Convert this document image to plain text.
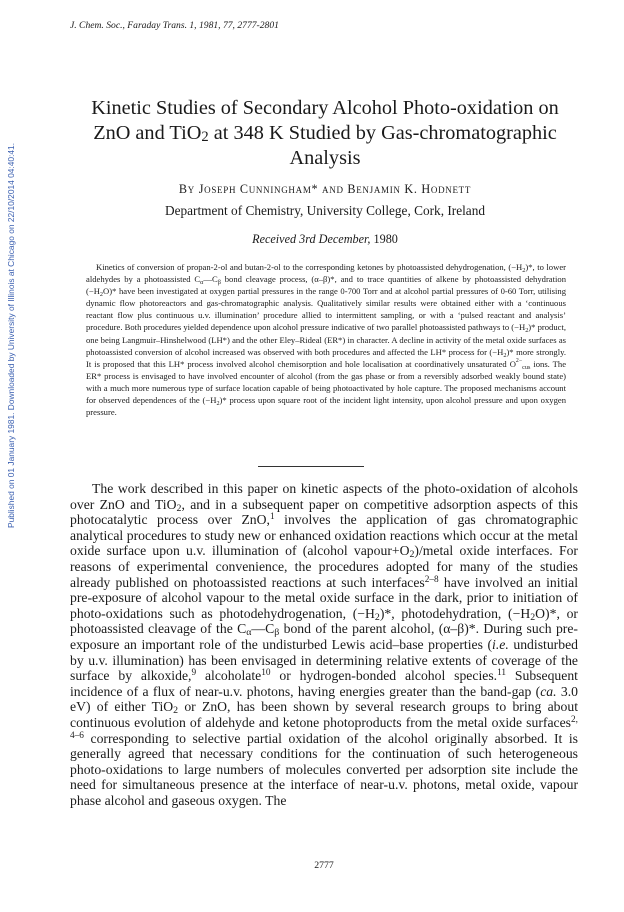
Published on 01 January 1981. Downloaded by University of Illinois at Chicago on 22/10/2014 04:40:41.
J. Chem. Soc., Faraday Trans. 1, 1981, 77, 2777-2801
Kinetic Studies of Secondary Alcohol Photo-oxidation on
ZnO and TiO$_2$ at 348 K Studied by Gas-chromatographic
Analysis
By Joseph Cunningham* and Benjamin K. Hodnett
Department of Chemistry, University College, Cork, Ireland
Received 3rd December, 1980
Kinetics of conversion of propan-2-ol and butan-2-ol to the corresponding ketones by photoassisted dehydrogenation, $(-H_2)*$, to lower aldehydes by a photoassisted $C_\alpha—C_\beta$ bond cleavage process, (α–β)*, and to trace quantities of alkene by photoassisted dehydration $(-H_2O)*$ have been investigated at oxygen partial pressures in the range 0-700 Torr and at alcohol partial pressures of 0-60 Torr, utilising dynamic flow photoreactors and gas-chromatographic analysis. Qualitatively similar results were obtained either with a ‘continuous reactant flow plus continuous u.v. illumination’ procedure allied to intermittent sampling, or with a ‘pulsed reactant and analysis’ procedure. Both procedures yielded dependence upon alcohol pressure indicative of two parallel photoassisted pathways to $(-H_2)*$ product, one being Langmuir–Hinshelwood (LH*) and the other Eley–Rideal (ER*) in character. A decline in activity of the metal oxide surfaces as photoassisted conversion of alcohol increased was observed with both procedures and affected the LH* process for $(-H_2)*$ more strongly. It is proposed that this LH* process involved alcohol chemisorption and hole localisation at coordinatively unsaturated $O^{2-}_{cus}$ ions. The ER* process is envisaged to have involved encounter of alcohol (from the gas phase or from a reversibly adsorbed weakly bound state) with a much more numerous type of surface location capable of being photoactivated by hole capture. The proposed mechanisms account for observed dependences of the $(-H_2)*$ process upon square root of the incident light intensity, upon alcohol pressure and upon oxygen pressure.
The work described in this paper on kinetic aspects of the photo-oxidation of alcohols over ZnO and TiO$_2$, and in a subsequent paper on competitive adsorption aspects of this photocatalytic process over ZnO,$^1$ involves the application of gas chromatographic analytical procedures to study new or enhanced oxidation reactions which occur at the metal oxide surface upon u.v. illumination of (alcohol $vapour+O_2$)/metal oxide interfaces. For reasons of experimental convenience, the procedures adopted for many of the studies already published on photoassisted reactions at such interfaces$^{2-8}$ have involved an initial pre-exposure of alcohol vapour to the metal oxide surface in the dark, prior to initiation of photo-oxidations such as photodehydrogenation, $(-H_2)*$, photodehydration, $(-H_2O)*$, or photoassisted cleavage of the $C_\alpha—C_\beta$ bond of the parent alcohol, (α–β)*. During such pre-exposure an important role of the undisturbed Lewis acid–base properties (i.e. undisturbed by u.v. illumination) has been envisaged in determining relative extents of coverage of the surface by alkoxide,$^9$ alcoholate$^{10}$ or hydrogen-bonded alcohol species.$^{11}$ Subsequent incidence of a flux of near-u.v. photons, having energies greater than the band-gap (ca. 3.0 eV) of either TiO$_2$ or ZnO, has been shown by several research groups to bring about continuous evolution of aldehyde and ketone photoproducts from the metal oxide surfaces$^{2, 4-6}$ corresponding to selective partial oxidation of the alcohol originally absorbed. It is generally agreed that necessary conditions for the continuation of such heterogeneous photo-oxidations to large numbers of molecules converted per adsorption site include the need for simultaneous presence at the interface of near-u.v. photons, metal oxide, vapour phase alcohol and gaseous oxygen. The
2777
